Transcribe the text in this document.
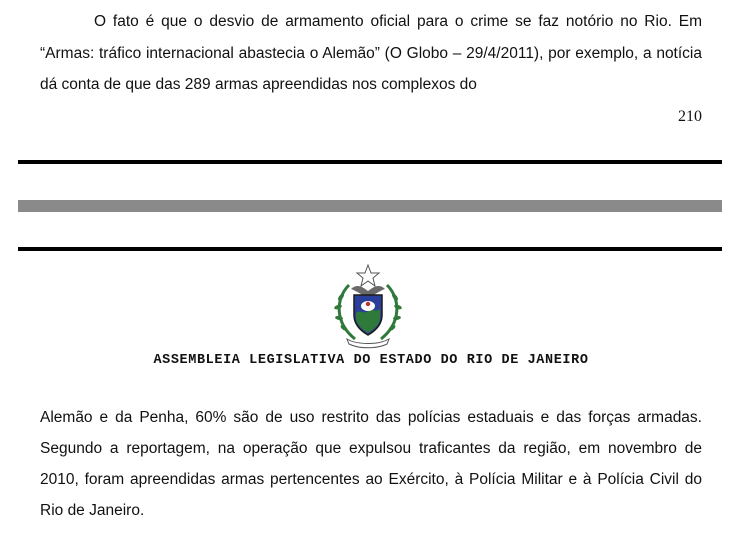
O fato é que o desvio de armamento oficial para o crime se faz notório no Rio. Em “Armas: tráfico internacional abastecia o Alemão” (O Globo – 29/4/2011), por exemplo, a notícia dá conta de que das 289 armas apreendidas nos complexos do

210
ASSEMBLEIA LEGISLATIVA DO ESTADO DO RIO DE JANEIRO

Alemão e da Penha, 60% são de uso restrito das polícias estaduais e das forças armadas. Segundo a reportagem, na operação que expulsou traficantes da região, em novembro de 2010, foram apreendidas armas pertencentes ao Exército, à Polícia Militar e à Polícia Civil do Rio de Janeiro.
